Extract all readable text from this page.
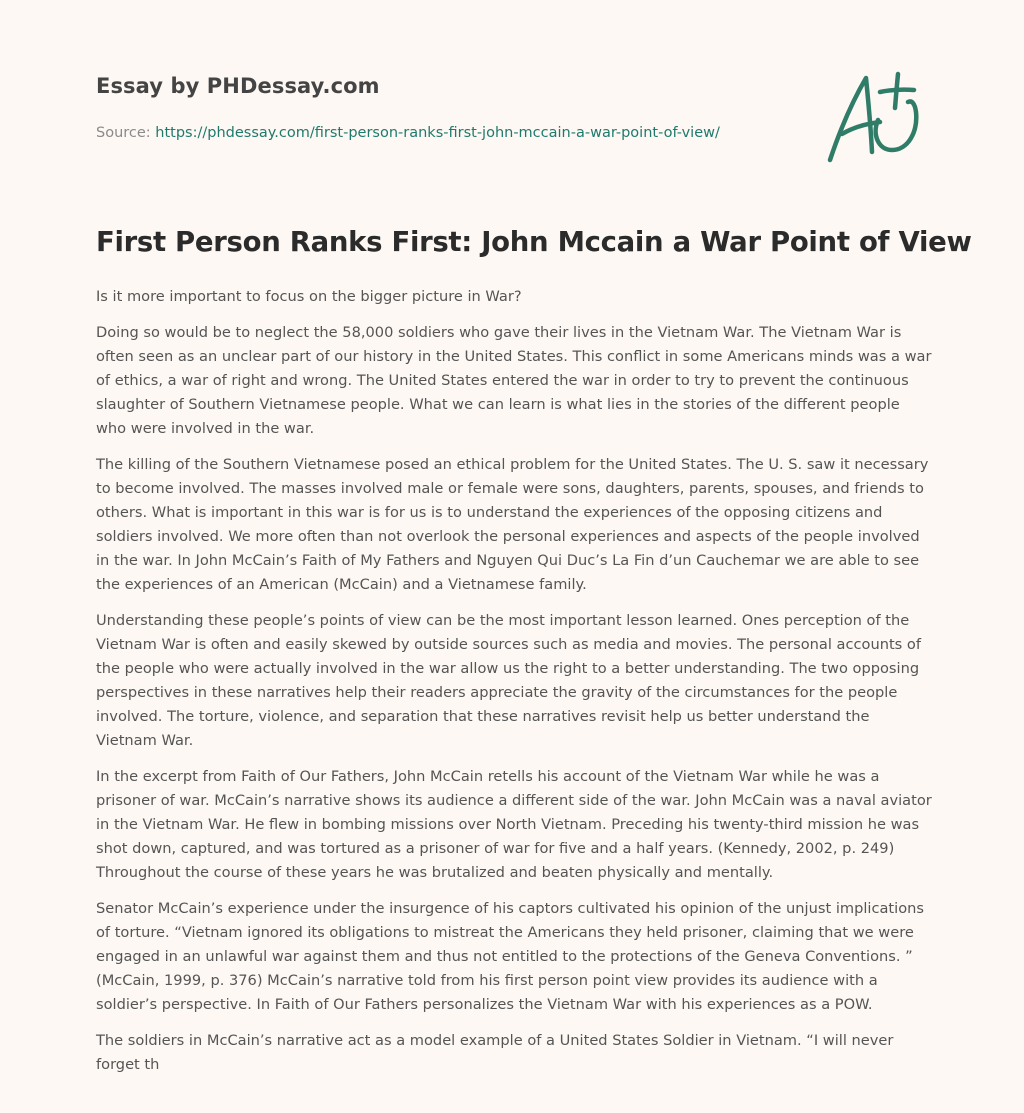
Essay by PHDessay.com
Source: https://phdessay.com/first-person-ranks-first-john-mccain-a-war-point-of-view/
First Person Ranks First: John Mccain a War Point of View

Is it more important to focus on the bigger picture in War?

Doing so would be to neglect the 58,000 soldiers who gave their lives in the Vietnam War. The Vietnam War is often seen as an unclear part of our history in the United States. This conflict in some Americans minds was a war of ethics, a war of right and wrong. The United States entered the war in order to try to prevent the continuous slaughter of Southern Vietnamese people. What we can learn is what lies in the stories of the different people who were involved in the war.

The killing of the Southern Vietnamese posed an ethical problem for the United States. The U. S. saw it necessary to become involved. The masses involved male or female were sons, daughters, parents, spouses, and friends to others. What is important in this war is for us is to understand the experiences of the opposing citizens and soldiers involved. We more often than not overlook the personal experiences and aspects of the people involved in the war. In John McCain’s Faith of My Fathers and Nguyen Qui Duc’s La Fin d’un Cauchemar we are able to see the experiences of an American (McCain) and a Vietnamese family.

Understanding these people’s points of view can be the most important lesson learned. Ones perception of the Vietnam War is often and easily skewed by outside sources such as media and movies. The personal accounts of the people who were actually involved in the war allow us the right to a better understanding. The two opposing perspectives in these narratives help their readers appreciate the gravity of the circumstances for the people involved. The torture, violence, and separation that these narratives revisit help us better understand the Vietnam War.

In the excerpt from Faith of Our Fathers, John McCain retells his account of the Vietnam War while he was a prisoner of war. McCain’s narrative shows its audience a different side of the war. John McCain was a naval aviator in the Vietnam War. He flew in bombing missions over North Vietnam. Preceding his twenty-third mission he was shot down, captured, and was tortured as a prisoner of war for five and a half years. (Kennedy, 2002, p. 249) Throughout the course of these years he was brutalized and beaten physically and mentally.

Senator McCain’s experience under the insurgence of his captors cultivated his opinion of the unjust implications of torture. “Vietnam ignored its obligations to mistreat the Americans they held prisoner, claiming that we were engaged in an unlawful war against them and thus not entitled to the protections of the Geneva Conventions. ” (McCain, 1999, p. 376) McCain’s narrative told from his first person point view provides its audience with a soldier’s perspective. In Faith of Our Fathers personalizes the Vietnam War with his experiences as a POW.

The soldiers in McCain’s narrative act as a model example of a United States Soldier in Vietnam. “I will never forget th
